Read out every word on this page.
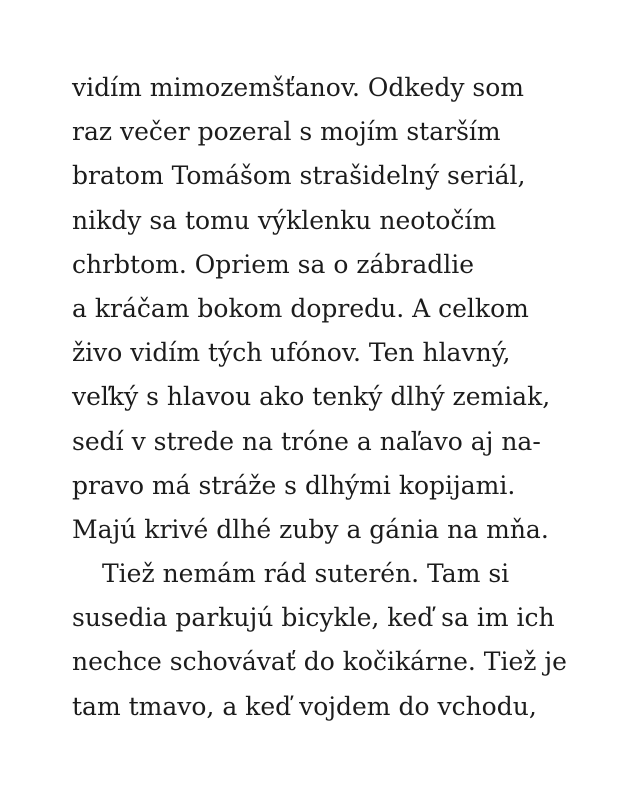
vidím mimozemšťanov. Odkedy som
raz večer pozeral s mojím starším
bratom Tomášom strašidelný seriál,
nikdy sa tomu výklenku neotočím
chrbtom. Opriem sa o zábradlie
a kráčam bokom dopredu. A celkom
živo vidím tých ufónov. Ten hlavný,
veľký s hlavou ako tenký dlhý zemiak,
sedí v strede na tróne a naľavo aj na-
pravo má stráže s dlhými kopijami.
Majú krivé dlhé zuby a gánia na mňa.
Tiež nemám rád suterén. Tam si
susedia parkujú bicykle, keď sa im ich
nechce schovávať do kočikárne. Tiež je
tam tmavo, a keď vojdem do vchodu,
